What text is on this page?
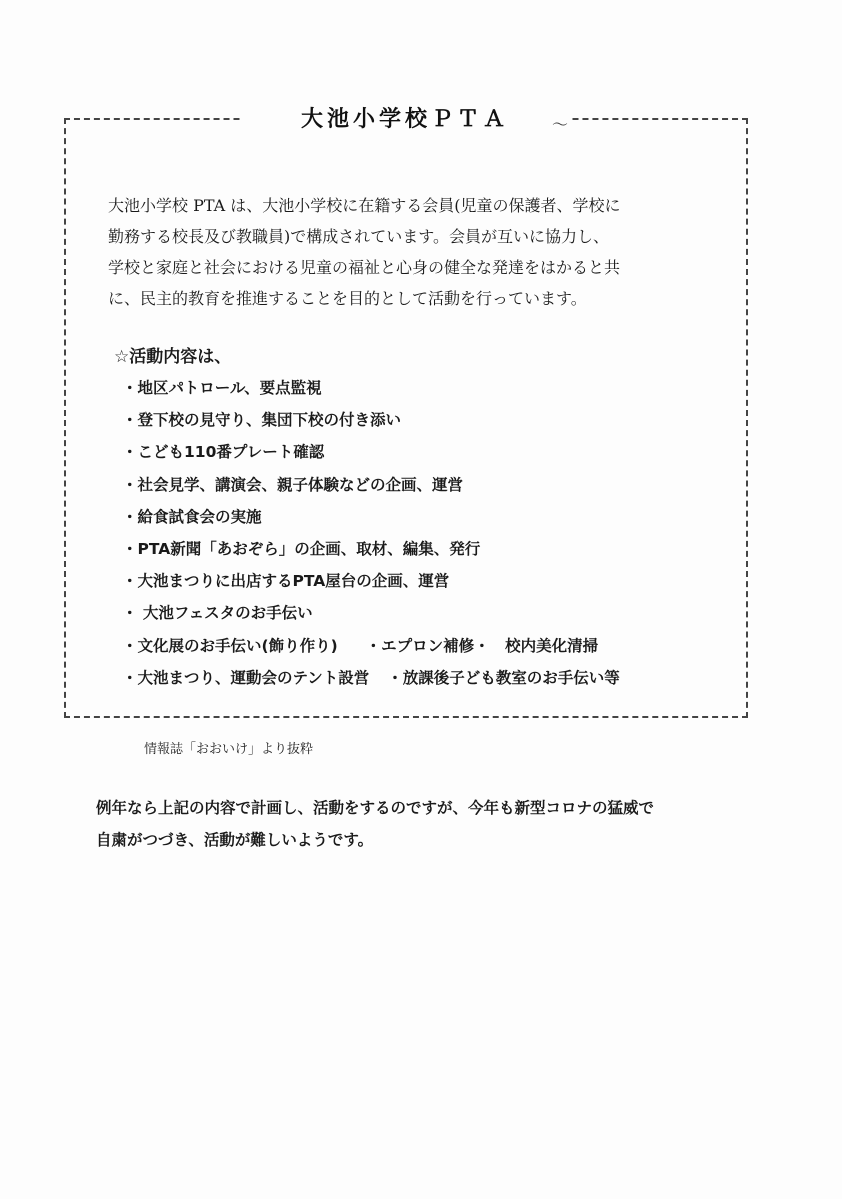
大池小学校ＰＴＡ	～

大池小学校 PTA は、大池小学校に在籍する会員(児童の保護者、学校に

勤務する校長及び教職員)で構成されています。会員が互いに協力し、

学校と家庭と社会における児童の福祉と心身の健全な発達をはかると共

に、民主的教育を推進することを目的として活動を行っています。

☆活動内容は、
・地区パトロール、要点監視
・登下校の見守り、集団下校の付き添い
・こども110番プレート確認
・社会見学、講演会、親子体験などの企画、運営
・給食試食会の実施
・PTA新聞「あおぞら」の企画、取材、編集、発行
・大池まつりに出店するPTA屋台の企画、運営
・ 大池フェスタのお手伝い
・文化展のお手伝い(飾り作り) ・エプロン補修・　校内美化清掃
・大池まつり、運動会のテント設営 ・放課後子ども教室のお手伝い等
情報誌「おおいけ」より抜粋

例年なら上記の内容で計画し、活動をするのですが、今年も新型コロナの猛威で

自粛がつづき、活動が難しいようです。
